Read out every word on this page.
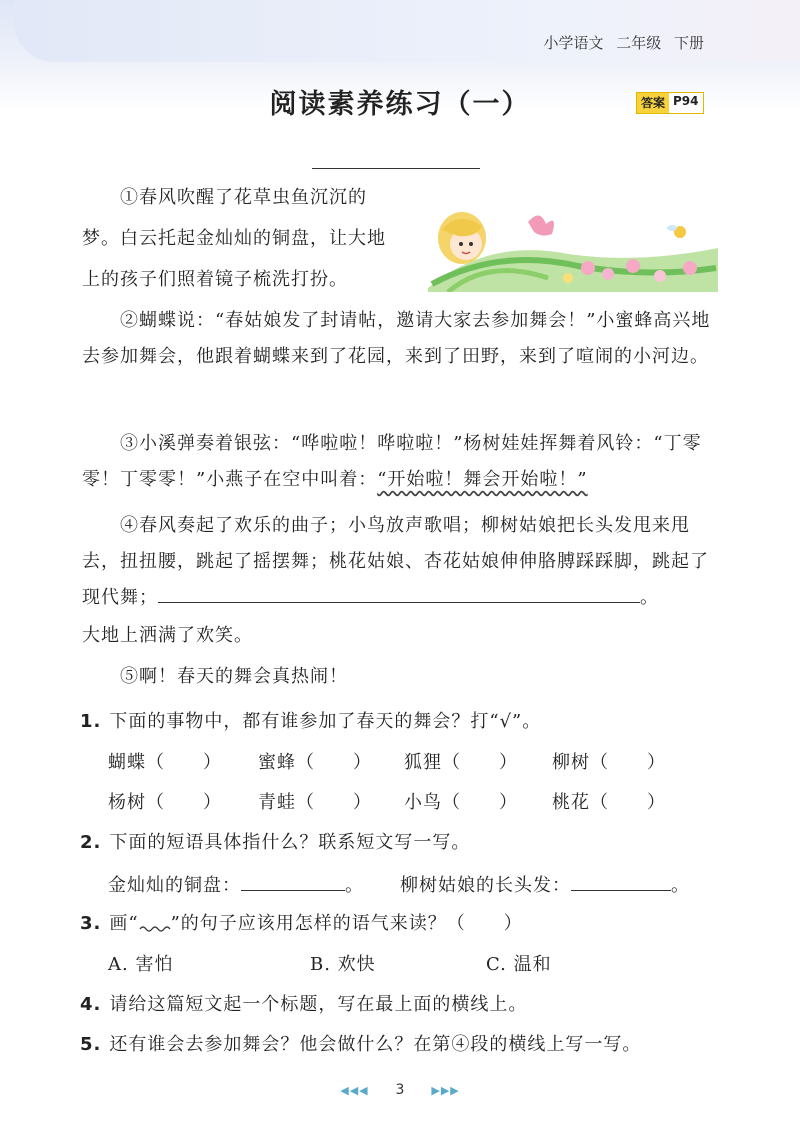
小学语文 二年级 下册
阅读素养练习（一）	答案 P94

①春风吹醒了花草虫鱼沉沉的

梦。白云托起金灿灿的铜盘，让大地

上的孩子们照着镜子梳洗打扮。

②蝴蝶说：“春姑娘发了封请帖，邀请大家去参加舞会！”小蜜蜂高兴地去参加舞会，他跟着蝴蝶来到了花园，来到了田野，来到了喧闹的小河边。

③小溪弹奏着银弦：“哗啦啦！哗啦啦！”杨树娃娃挥舞着风铃：“丁零零！丁零零！”小燕子在空中叫着：“开始啦！舞会开始啦！”

④春风奏起了欢乐的曲子；小鸟放声歌唱；柳树姑娘把长头发甩来甩去，扭扭腰，跳起了摇摆舞；桃花姑娘、杏花姑娘伸伸胳膊踩踩脚，跳起了现代舞；	。

大地上洒满了欢笑。

⑤啊！春天的舞会真热闹！

1. 下面的事物中，都有谁参加了春天的舞会？打“√”。

蝴蝶（　　） 蜜蜂（　　） 狐狸（　　） 柳树（　　）
杨树（　　） 青蛙（　　） 小鸟（　　） 桃花（　　）

2. 下面的短语具体指什么？联系短文写一写。

金灿灿的铜盘：	。 柳树姑娘的长头发：	。

3. 画“ ”的句子应该用怎样的语气来读？（　　）

A. 害怕	B. 欢快	C. 温和

4. 请给这篇短文起一个标题，写在最上面的横线上。

5. 还有谁会去参加舞会？他会做什么？在第④段的横线上写一写。

◀◀◀ 3 ▶▶▶
